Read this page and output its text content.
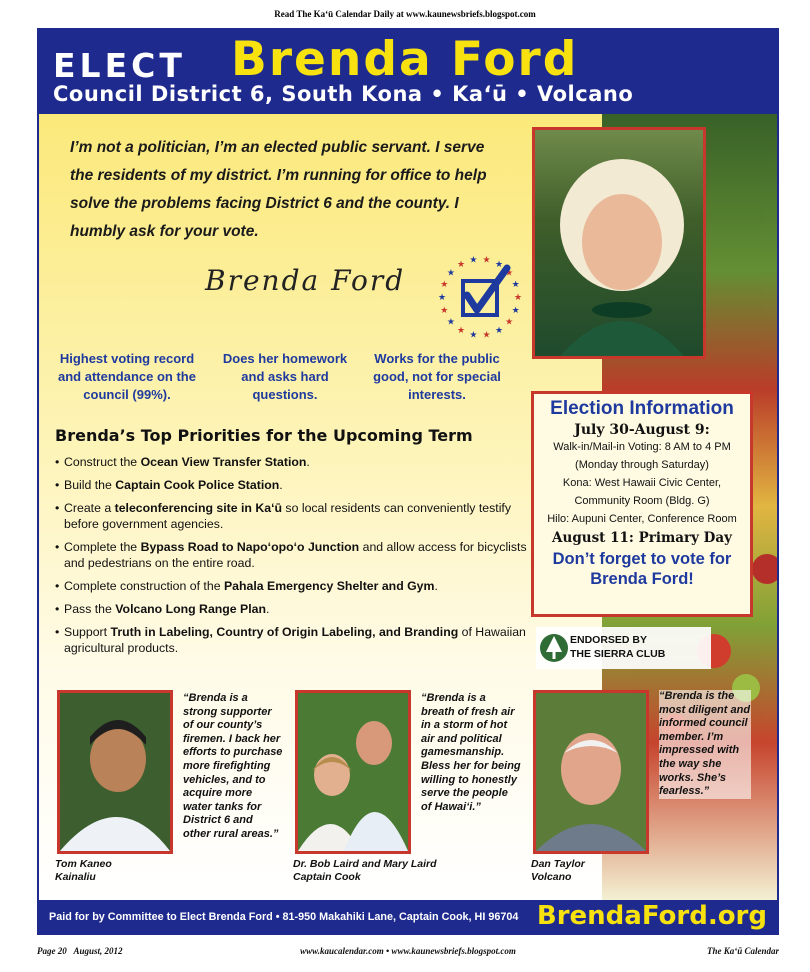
Read The Ka‘ū Calendar Daily at www.kaunewsbriefs.blogspot.com
ELECT Brenda Ford
Council District 6, South Kona • Ka‘ū • Volcano
I’m not a politician, I’m an elected public servant. I serve the residents of my district. I’m running for office to help solve the problems facing District 6 and the county. I humbly ask for your vote.
Brenda Ford	★
★
★
★
★
★
★
★
★
★
★
★
★ ★ ★ ★
★
★
Highest voting record and attendance on the council (99%).
Does her homework and asks hard questions.
Works for the public good, not for special interests.
Brenda’s Top Priorities for the Upcoming Term
• Construct the Ocean View Transfer Station.
• Build the Captain Cook Police Station.
• Create a teleconferencing site in Ka‘ū so local residents can conveniently testify before government agencies.
• Complete the Bypass Road to Napo‘opo‘o Junction and allow access for bicyclists and pedestrians on the entire road.
• Complete construction of the Pahala Emergency Shelter and Gym.
• Pass the Volcano Long Range Plan.
• Support Truth in Labeling, Country of Origin Labeling, and Branding of Hawaiian agricultural products.
Election Information
July 30-August 9:
Walk-in/Mail-in Voting: 8 AM to 4 PM
(Monday through Saturday)
Kona: West Hawaii Civic Center,
Community Room (Bldg. G)
Hilo: Aupuni Center, Conference Room
August 11: Primary Day
Don’t forget to vote for
Brenda Ford!
ENDORSED BY
THE SIERRA CLUB
“Brenda is a strong supporter of our county’s firemen. I back her efforts to purchase more firefighting vehicles, and to acquire more water tanks for District 6 and other rural areas.”
Tom Kaneo
Kainaliu
“Brenda is a breath of fresh air in a storm of hot air and political gamesmanship. Bless her for being willing to honestly serve the people of Hawai‘i.”
Dr. Bob Laird and Mary Laird
Captain Cook
“Brenda is the most diligent and informed council member. I’m impressed with the way she works. She’s fearless.”
Dan Taylor
Volcano
Paid for by Committee to Elect Brenda Ford • 81-950 Makahiki Lane, Captain Cook, HI 96704 BrendaFord.org
Page 20 August, 2012	www.kaucalendar.com • www.kaunewsbriefs.blogspot.com	The Ka‘ū Calendar
